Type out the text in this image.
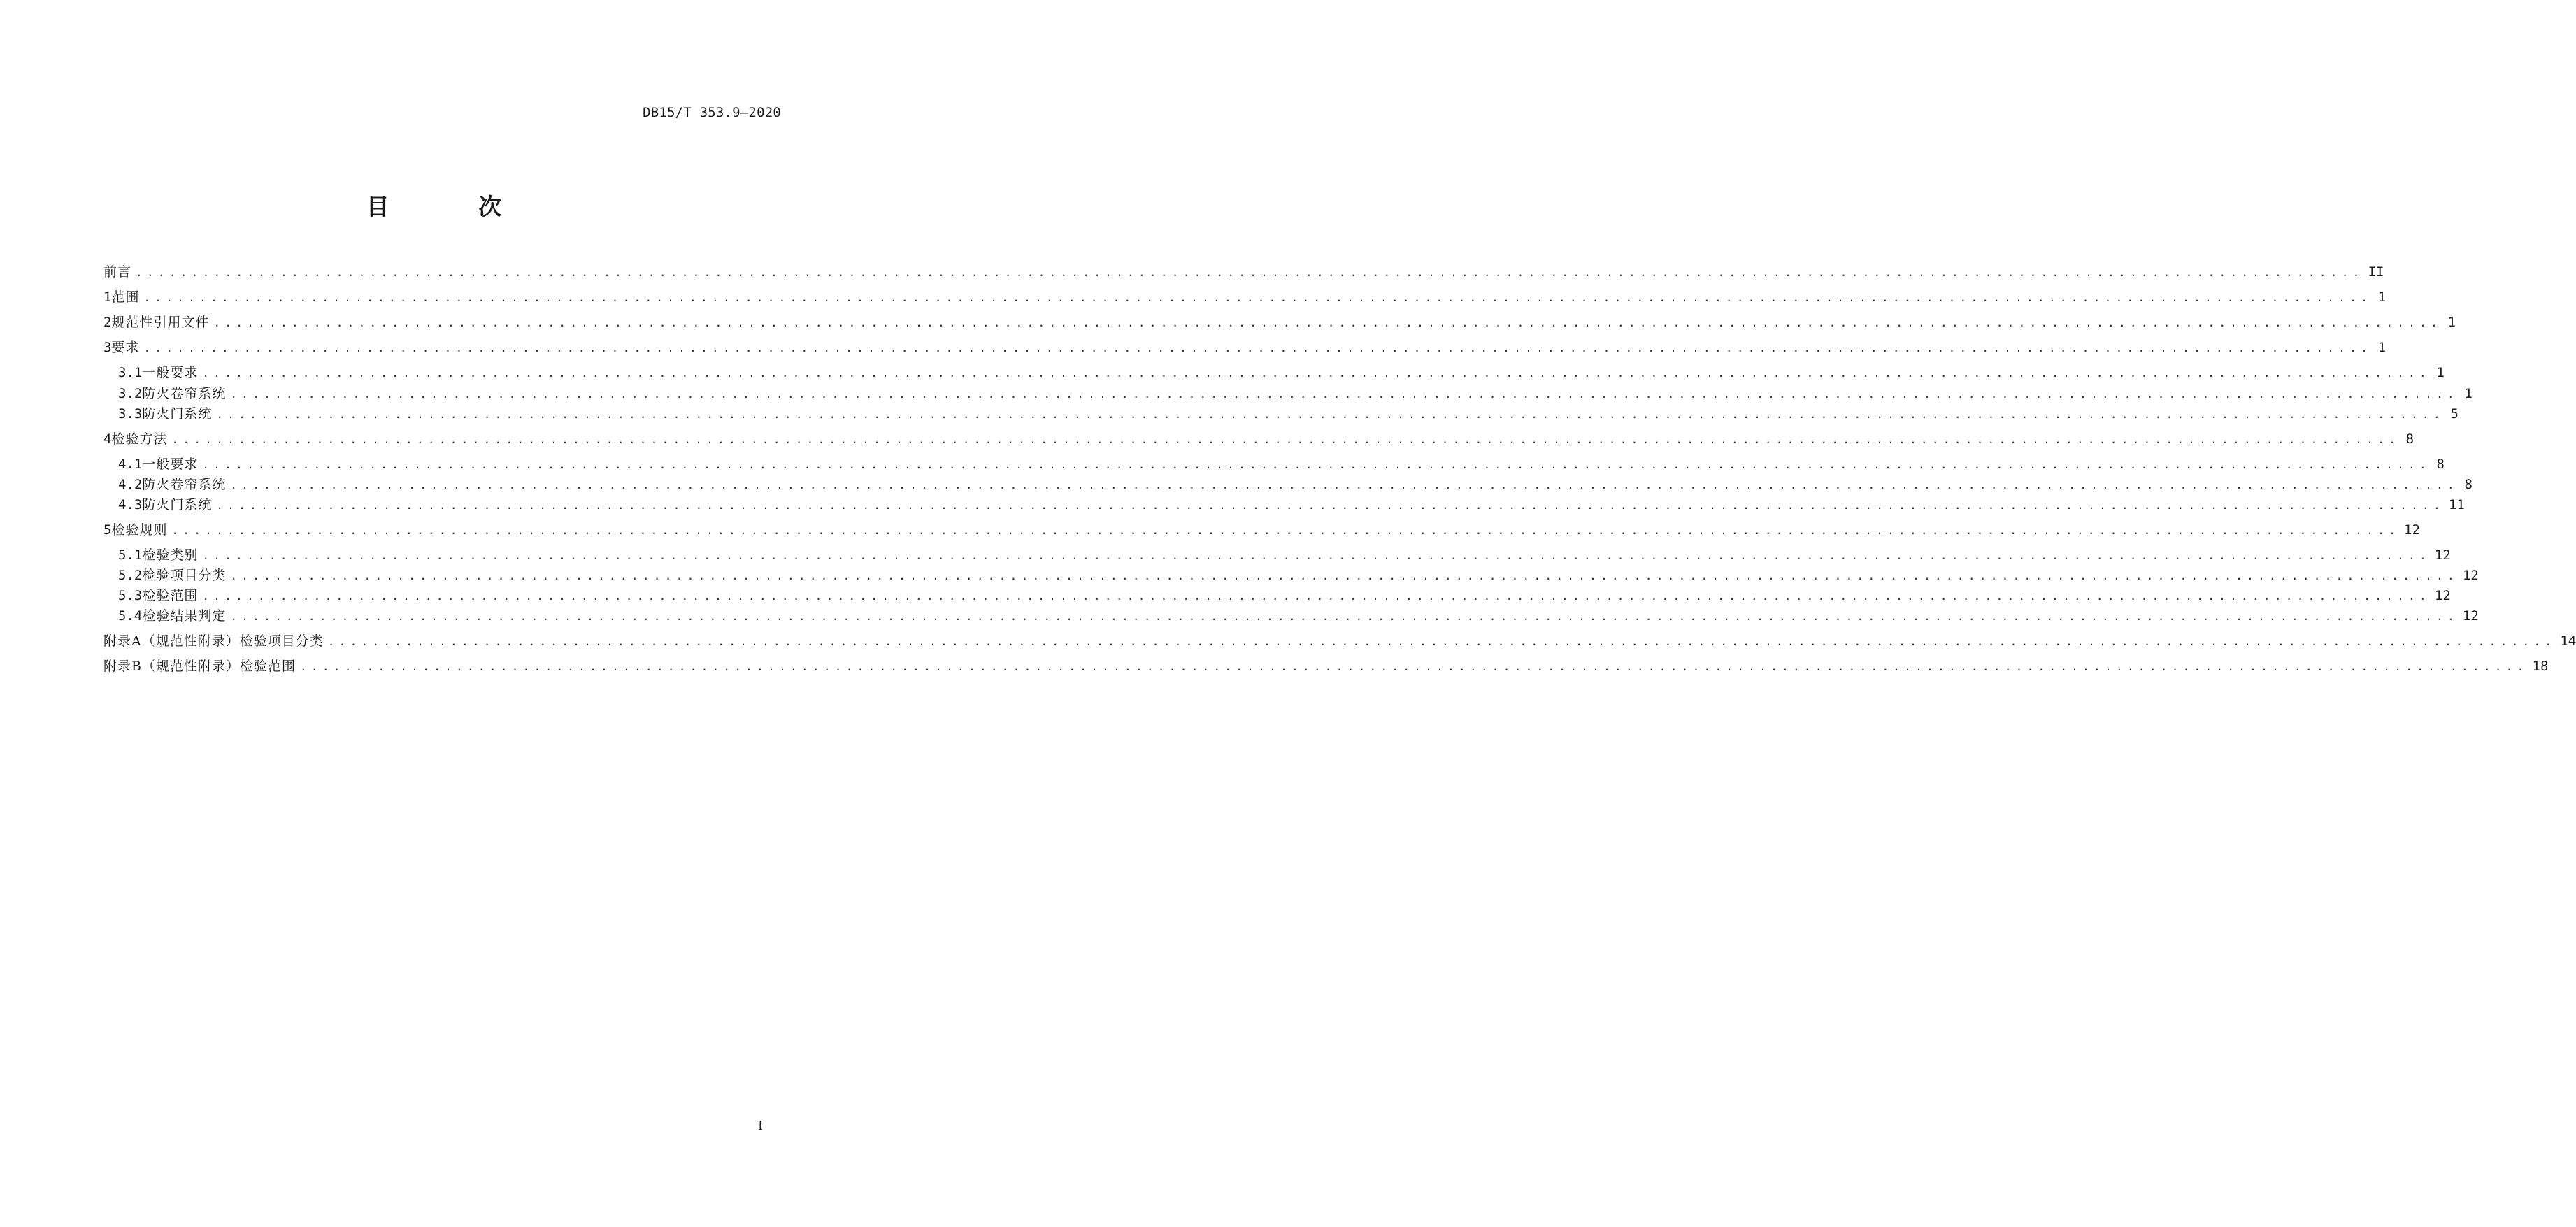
DB15/T 353.9—2020
目 次
前言 ........................................................................................................................................................................................................ II
1 范围 ........................................................................................................................................................................................................ 1
2 规范性引用文件 ........................................................................................................................................................................................................ 1
3 要求 ........................................................................................................................................................................................................ 1
3.1 一般要求 ........................................................................................................................................................................................................ 1
3.2 防火卷帘系统 ........................................................................................................................................................................................................ 1
3.3 防火门系统 ........................................................................................................................................................................................................ 5
4 检验方法 ........................................................................................................................................................................................................ 8
4.1 一般要求 ........................................................................................................................................................................................................ 8
4.2 防火卷帘系统 ........................................................................................................................................................................................................ 8
4.3 防火门系统 ........................................................................................................................................................................................................ 11
5 检验规则 ........................................................................................................................................................................................................ 12
5.1 检验类别 ........................................................................................................................................................................................................ 12
5.2 检验项目分类 ........................................................................................................................................................................................................ 12
5.3 检验范围 ........................................................................................................................................................................................................ 12
5.4 检验结果判定 ........................................................................................................................................................................................................ 12
附录A（规范性附录） 检验项目分类 ........................................................................................................................................................................................................ 14
附录B（规范性附录） 检验范围 ........................................................................................................................................................................................................ 18
I
